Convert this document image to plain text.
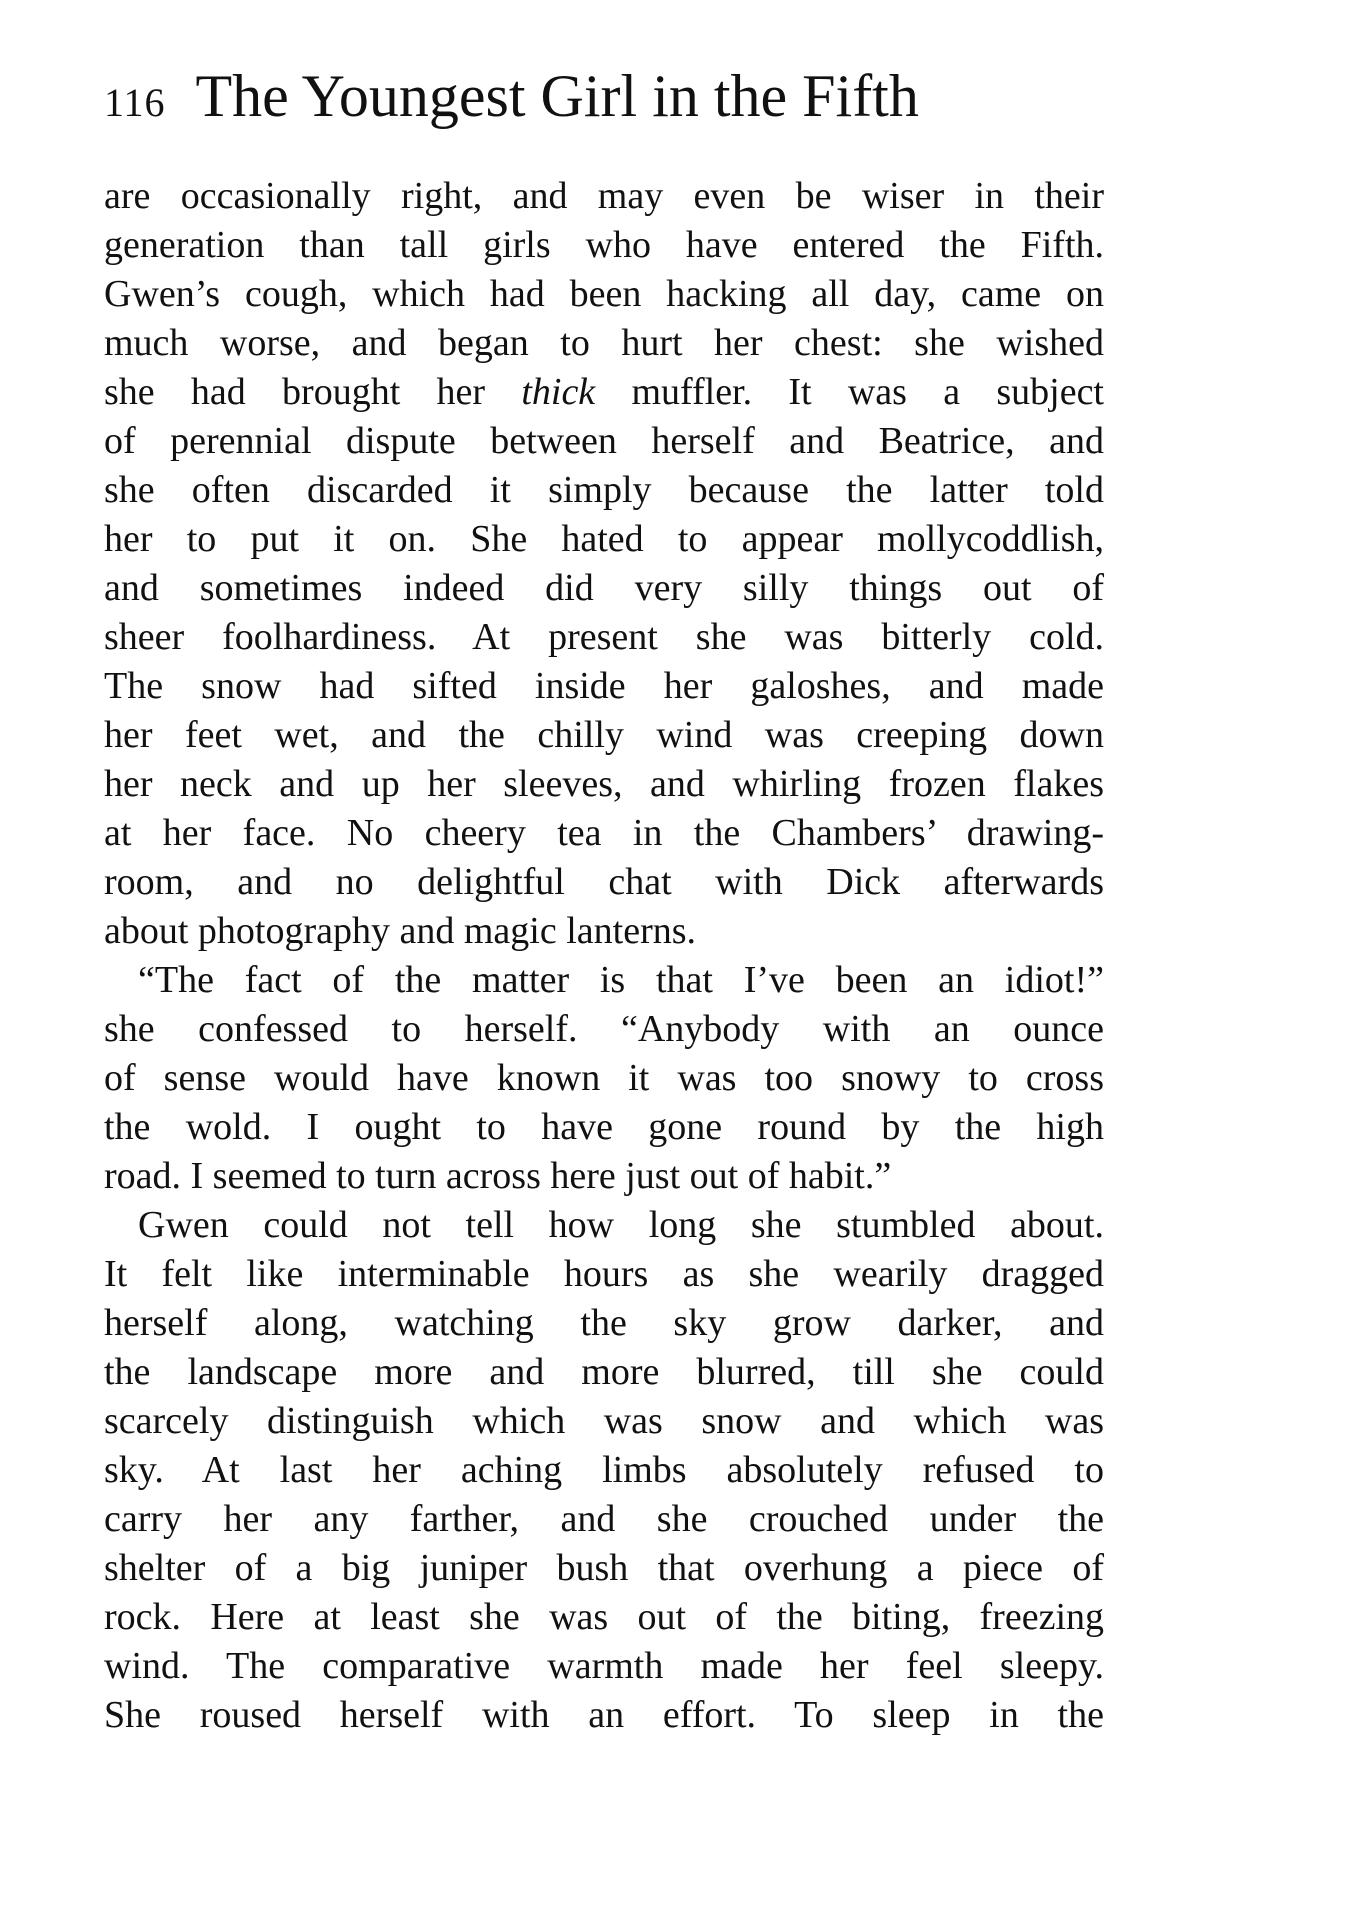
116 The Youngest Girl in the Fifth
are occasionally right, and may even be wiser in their
generation than tall girls who have entered the Fifth.
Gwen’s cough, which had been hacking all day, came on
much worse, and began to hurt her chest: she wished
she had brought her thick muffler. It was a subject
of perennial dispute between herself and Beatrice, and
she often discarded it simply because the latter told
her to put it on. She hated to appear mollycoddlish,
and sometimes indeed did very silly things out of
sheer foolhardiness. At present she was bitterly cold.
The snow had sifted inside her galoshes, and made
her feet wet, and the chilly wind was creeping down
her neck and up her sleeves, and whirling frozen flakes
at her face. No cheery tea in the Chambers’ drawing-
room, and no delightful chat with Dick afterwards
about photography and magic lanterns.
“The fact of the matter is that I’ve been an idiot!”
she confessed to herself. “Anybody with an ounce
of sense would have known it was too snowy to cross
the wold. I ought to have gone round by the high
road. I seemed to turn across here just out of habit.”
Gwen could not tell how long she stumbled about.
It felt like interminable hours as she wearily dragged
herself along, watching the sky grow darker, and
the landscape more and more blurred, till she could
scarcely distinguish which was snow and which was
sky. At last her aching limbs absolutely refused to
carry her any farther, and she crouched under the
shelter of a big juniper bush that overhung a piece of
rock. Here at least she was out of the biting, freezing
wind. The comparative warmth made her feel sleepy.
She roused herself with an effort. To sleep in the
